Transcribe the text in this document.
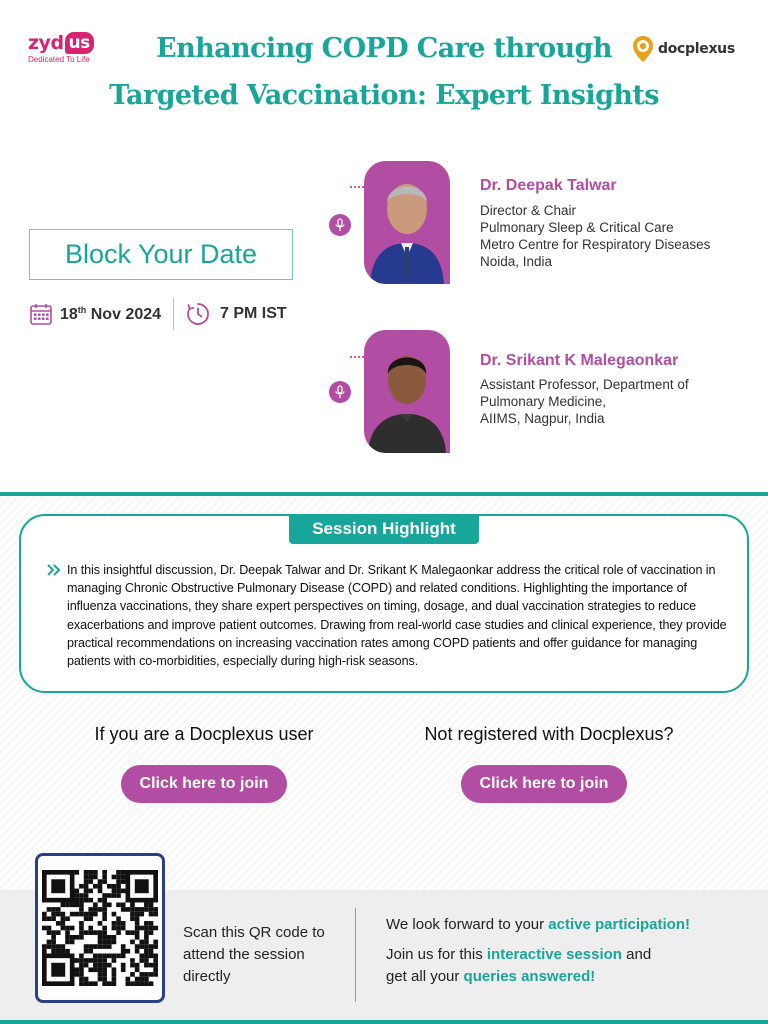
zyd us
Dedicated To Life	Enhancing COPD Care through
Targeted Vaccination: Expert Insights
docplexus
Block Your Date
18th Nov 2024	7 PM IST
Dr. Deepak Talwar
Director & Chair
Pulmonary Sleep & Critical Care
Metro Centre for Respiratory Diseases
Noida, India
Dr. Srikant K Malegaonkar
Assistant Professor, Department of
Pulmonary Medicine,
AIIMS, Nagpur, India
Session Highlight
In this insightful discussion, Dr. Deepak Talwar and Dr. Srikant K Malegaonkar address the critical role of vaccination in managing Chronic Obstructive Pulmonary Disease (COPD) and related conditions. Highlighting the importance of influenza vaccinations, they share expert perspectives on timing, dosage, and dual vaccination strategies to reduce exacerbations and improve patient outcomes. Drawing from real-world case studies and clinical experience, they provide practical recommendations on increasing vaccination rates among COPD patients and offer guidance for managing patients with co-morbidities, especially during high-risk seasons.
If you are a Docplexus user
Click here to join
Not registered with Docplexus?
Click here to join
Scan this QR code to attend the session directly
We look forward to your active participation!
Join us for this interactive session and
get all your queries answered!
